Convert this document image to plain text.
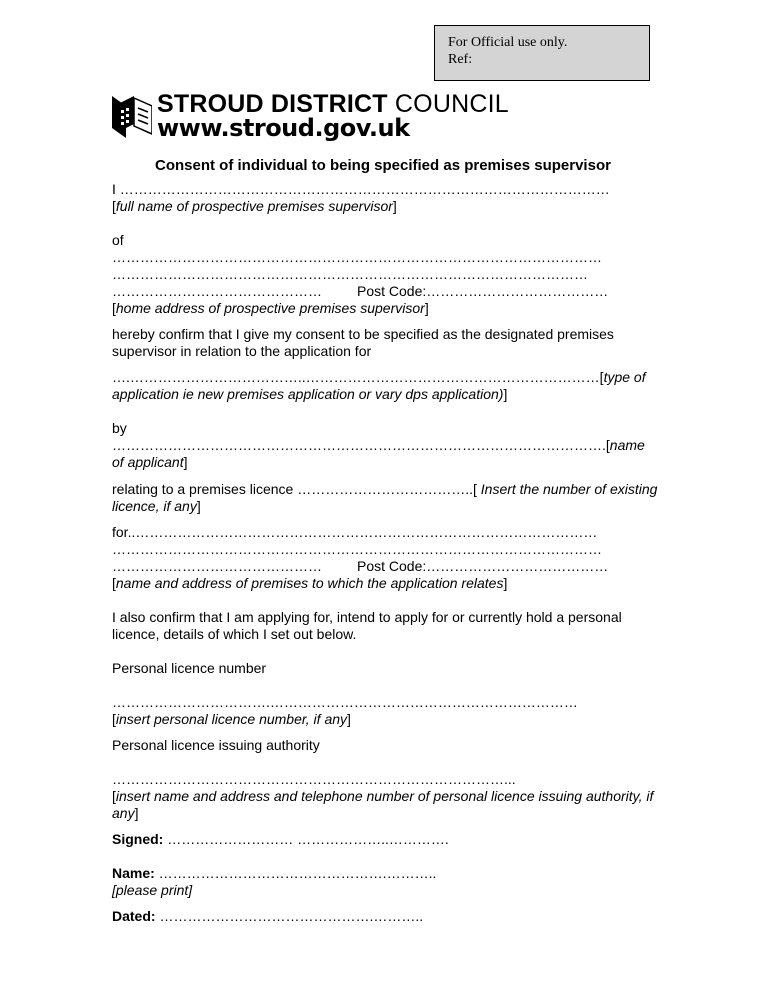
For Official use only.
Ref:
STROUD DISTRICT COUNCIL
www.stroud.gov.uk
Consent of individual to being specified as premises supervisor
I ……………………………………………………………………………………………
[full name of prospective premises supervisor]
of
……………………………………………………………………………………………
…………………………………………………………………………………………
………………………………………	Post Code:…………………………………
[home address of prospective premises supervisor]
hereby confirm that I give my consent to be specified as the designated premises
supervisor in relation to the application for
….………………………………..………………………………………………………[type of
application ie new premises application or vary dps application)]
by
…………………………………………………………………………………………….[name
of applicant]
relating to a premises licence ………………………………..[ Insert the number of existing
licence, if any]
for..………………………………………………………………………………………
……………………………………………………………………………………………
………………………………………	Post Code:…………………………………
[name and address of premises to which the application relates]
I also confirm that I am applying for, intend to apply for or currently hold a personal
licence, details of which I set out below.
Personal licence number
…………………………….…………………………………………………………
[insert personal licence number, if any]
Personal licence issuing authority
…………………………………………………………………………...
[insert name and address and telephone number of personal licence issuing authority, if
any]
Signed: ……………………… ………………..………….
Name: ………………………………………….………..
[please print]
Dated: ……………………………………….………..
